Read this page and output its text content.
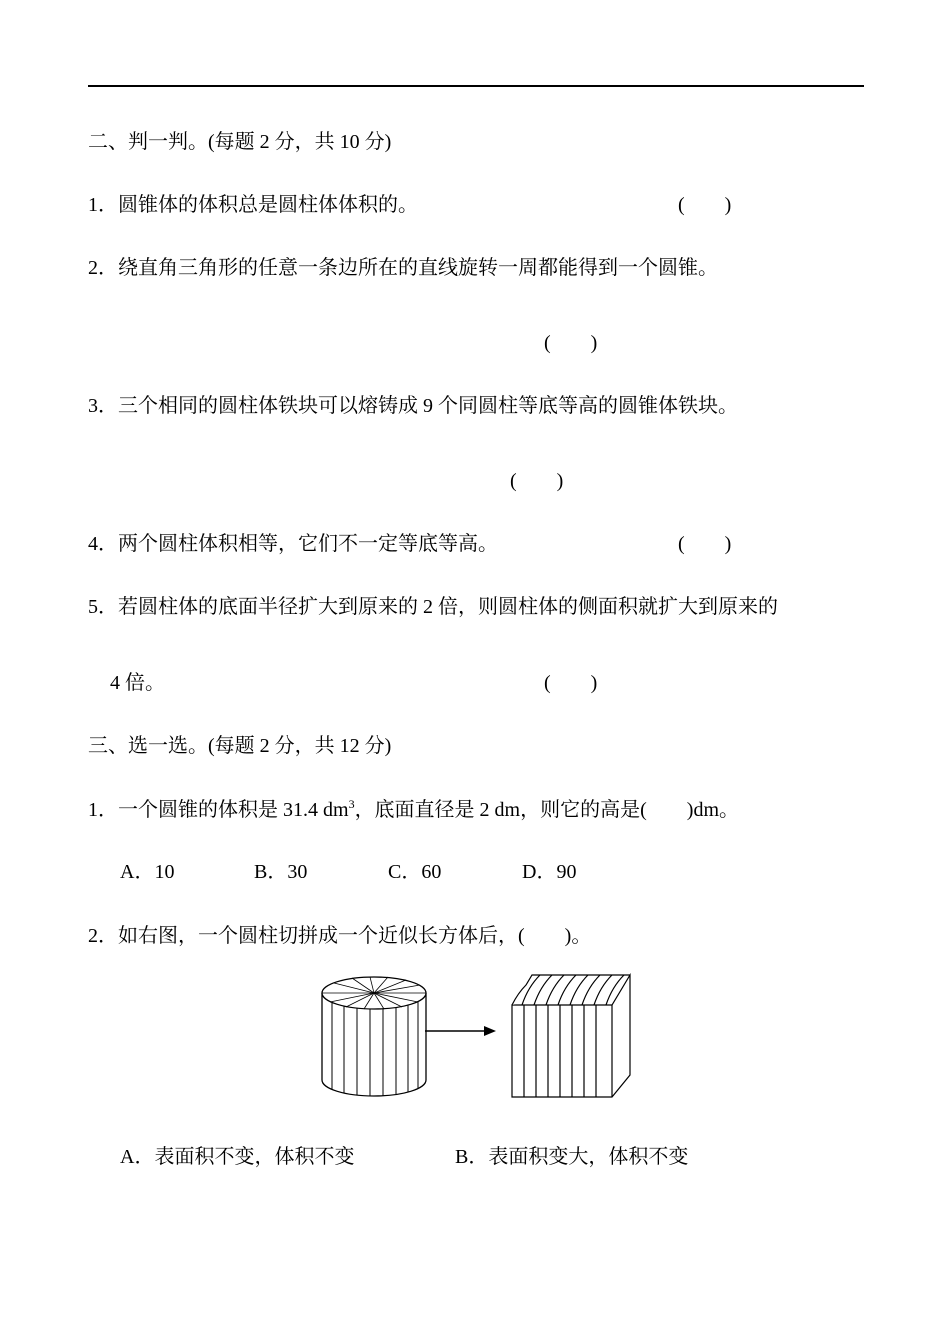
二、判一判。(每题 2 分，共 10 分)
1．圆锥体的体积总是圆柱体体积的。	( )
2．绕直角三角形的任意一条边所在的直线旋转一周都能得到一个圆锥。
( )
3．三个相同的圆柱体铁块可以熔铸成 9 个同圆柱等底等高的圆锥体铁块。
( )
4．两个圆柱体积相等，它们不一定等底等高。	( )
5．若圆柱体的底面半径扩大到原来的 2 倍，则圆柱体的侧面积就扩大到原来的
4 倍。	( )
三、选一选。(每题 2 分，共 12 分)
1．一个圆锥的体积是 31.4 $dm^3$，底面直径是 2 dm，则它的高是(　　)dm。
A．10	B．30	C．60	D．90
2．如右图，一个圆柱切拼成一个近似长方体后，(　　)。
A．表面积不变，体积不变	B．表面积变大，体积不变
